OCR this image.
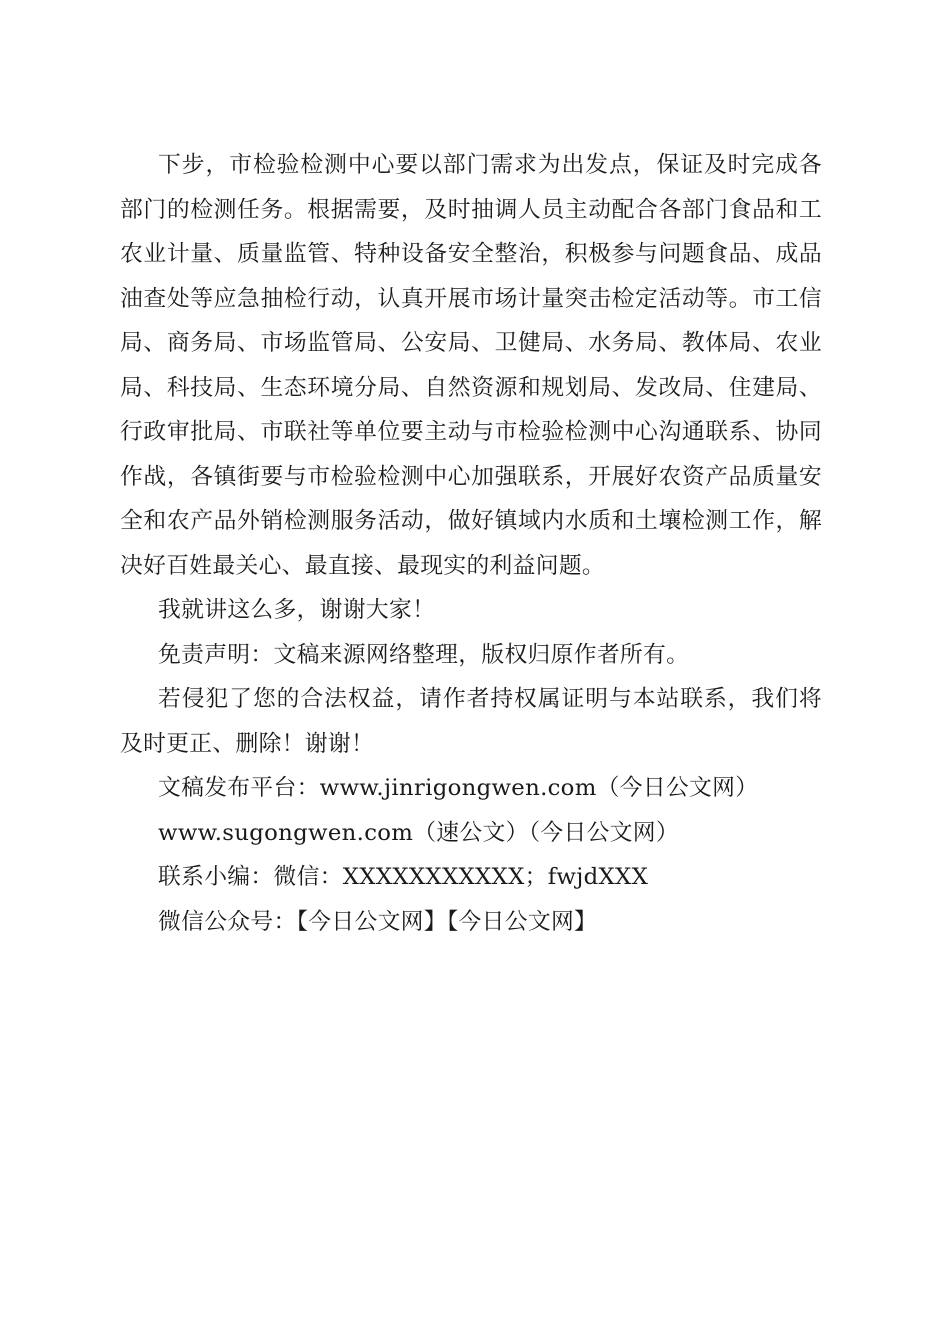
下步，市检验检测中心要以部门需求为出发点，保证及时完成各部门的检测任务。根据需要，及时抽调人员主动配合各部门食品和工农业计量、质量监管、特种设备安全整治，积极参与问题食品、成品油查处等应急抽检行动，认真开展市场计量突击检定活动等。市工信局、商务局、市场监管局、公安局、卫健局、水务局、教体局、农业局、科技局、生态环境分局、自然资源和规划局、发改局、住建局、行政审批局、市联社等单位要主动与市检验检测中心沟通联系、协同作战，各镇街要与市检验检测中心加强联系，开展好农资产品质量安全和农产品外销检测服务活动，做好镇域内水质和土壤检测工作，解决好百姓最关心、最直接、最现实的利益问题。

我就讲这么多，谢谢大家！

免责声明：文稿来源网络整理，版权归原作者所有。

若侵犯了您的合法权益，请作者持权属证明与本站联系，我们将及时更正、删除！谢谢！

文稿发布平台：www.jinrigongwen.com（今日公文网）

www.sugongwen.com（速公文）（今日公文网）

联系小编：微信：XXXXXXXXXXX；fwjdXXX

微信公众号：【今日公文网】【今日公文网】
